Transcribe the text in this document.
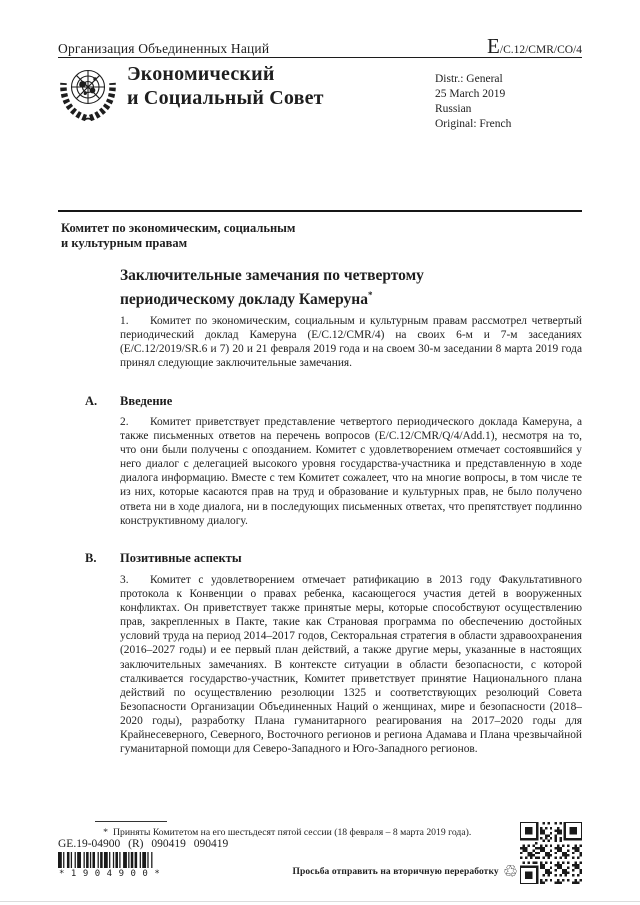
Организация Объединенных Наций	E/C.12/CMR/CO/4
Экономический
и Социальный Совет
Distr.: General
25 March 2019
Russian
Original: French
Комитет по экономическим, социальным
и культурным правам
Заключительные замечания по четвертому
периодическому докладу Камеруна*

1. Комитет по экономическим, социальным и культурным правам рассмотрел четвертый периодический доклад Камеруна (E/C.12/CMR/4) на своих 6-м и 7-м заседаниях (E/C.12/2019/SR.6 и 7) 20 и 21 февраля 2019 года и на своем 30-м заседании 8 марта 2019 года принял следующие заключительные замечания.

A. Введение

2. Комитет приветствует представление четвертого периодического доклада Камеруна, а также письменных ответов на перечень вопросов (E/C.12/CMR/Q/4/Add.1), несмотря на то, что они были получены с опозданием. Комитет с удовлетворением отмечает состоявшийся у него диалог с делегацией высокого уровня государства-участника и представленную в ходе диалога информацию. Вместе с тем Комитет сожалеет, что на многие вопросы, в том числе те из них, которые касаются прав на труд и образование и культурных прав, не было получено ответа ни в ходе диалога, ни в последующих письменных ответах, что препятствует подлинно конструктивному диалогу.

B. Позитивные аспекты

3. Комитет с удовлетворением отмечает ратификацию в 2013 году Факультативного протокола к Конвенции о правах ребенка, касающегося участия детей в вооруженных конфликтах. Он приветствует также принятые меры, которые способствуют осуществлению прав, закрепленных в Пакте, такие как Страновая программа по обеспечению достойных условий труда на период 2014–2017 годов, Секторальная стратегия в области здравоохранения (2016–2027 годы) и ее первый план действий, а также другие меры, указанные в настоящих заключительных замечаниях. В контексте ситуации в области безопасности, с которой сталкивается государство-участник, Комитет приветствует принятие Национального плана действий по осуществлению резолюции 1325 и соответствующих резолюций Совета Безопасности Организации Объединенных Наций о женщинах, мире и безопасности (2018–2020 годы), разработку Плана гуманитарного реагирования на 2017–2020 годы для Крайнесеверного, Северного, Восточного регионов и региона Адамава и Плана чрезвычайной гуманитарной помощи для Северо-Западного и Юго-Западного регионов.

* Приняты Комитетом на его шестьдесят пятой сессии (18 февраля – 8 марта 2019 года).
GE.19-04900 (R) 090419 090419
*1904900*	Просьба отправить на вторичную переработку ♲
